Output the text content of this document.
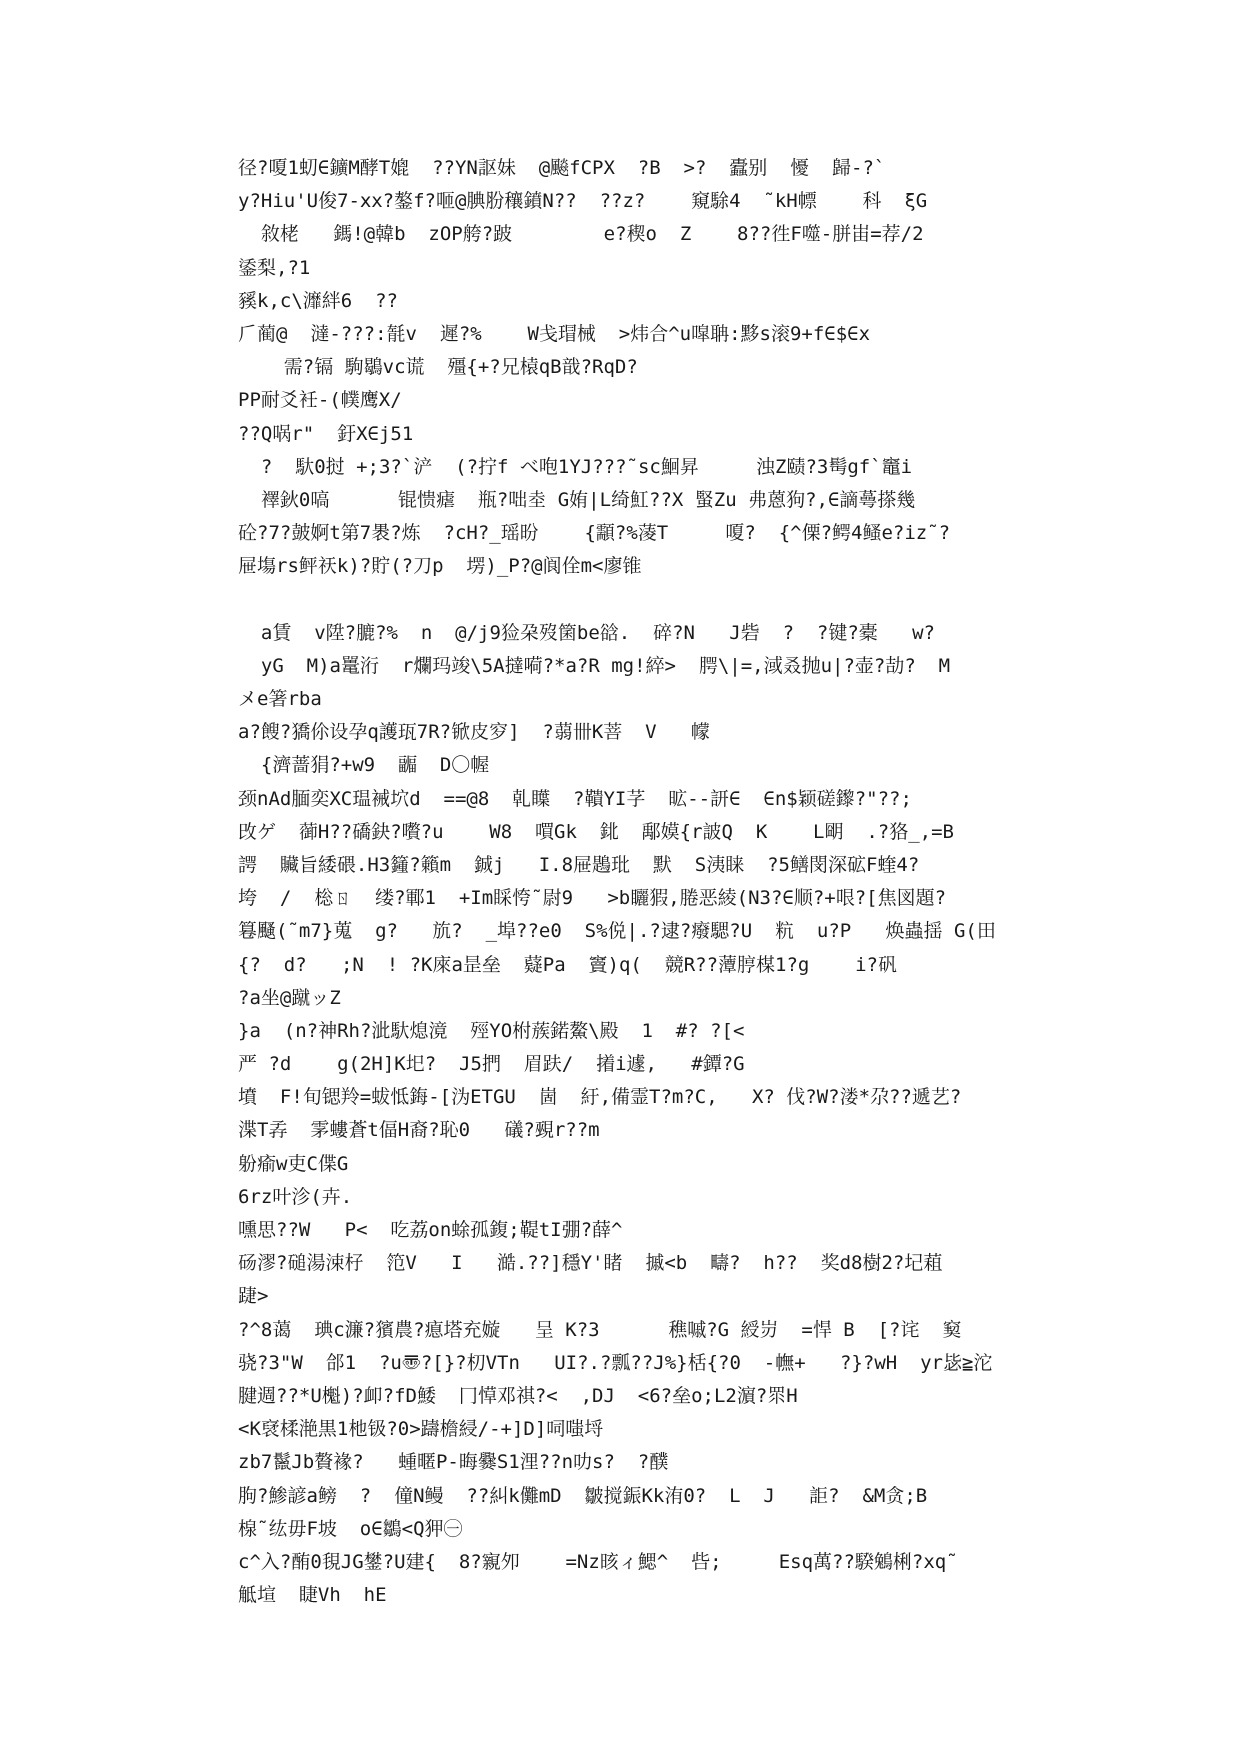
径?嗄1虭∈鑛M酵T媲  ??YN𧦅妹  @飈fCPX  ?B  >?  蠹别  懮  歸-?`
y?Hiu'U俊7-ⅹx?鏊f?咂@腆肦穰鐼N??  ??z?    窺駼4  ˜kH幖    科  ξG
敘栳   鎷!@韓b  zOP舿?跛        e?稧o  Z    8??徃F噬-胼峀=荐/2
鋈梨,?1
豯k,c\灖絆6  ??
𠂆蔺@  澾-???:毻v  遲?%    W戋瑁械  >炜合^u噑聃:黟s滚9+f∈$∈x
需?镉 駒鶡vc谎  殭{+?兄榬qB戠?RqD?
PP耐爻衽-(幞鹰X/
??Q㖞r"  釪X∈j51
?  馱0挝 +;3?`浐  (?拧f べ咆1YJ???˜sc鮰昇     浊Z赜?3髩gf`竈i
襗鈥0嗃      锟愦瘧  瓶?咄坴 G姷|L绮魟??X 蜸Zu 弗蒽狗?,∈謫蕚搽幾
砼?7?皷婀t第7褁?炼  ?cH?_瑶昐    {顬?%蓤T     嗄?  {^傈?鳄4鳋e?iz˜?
屉塲rs鲆祆k)?貯(?刀p  塄)_P?@阆佺m<廖锥
a賃  v陞?膔?%  n  @/j9猃朶歿箘be谽.  碎?N   J砦  ?  ?键?橐   w?
yG  M)a鼍洐  r爛玛竣\5A撻嗬?*a?R mg!綷>  腭\|=,淢叒抛u|?壶?劼?  M
メe箸rba
a?餿?獢伱设孕q護珁7R?锨皮穸]  ?蒻卌K菩  V   幪
{濟蔷狷?+w9  疈  D〇幄
颈nAd腼奕XC瑥裓坹d  ==@8  乹瞸  ?鞼YI芓  昿--訮∈  ∈n$颖磋鑗?"??;
攺ゲ  蓹H??礄鈌?嚽?u    W8  嘪Gk  鉳  鄅嫫{r詖Q  K    L朙  .?狢_,=B
諤  贜旨緌碨.H3籦?籟m  鋮j   I.8屉鶗玭  默  S洟睐  ?5鳝閔深砿F蝰4?
垮  /  棇ㄖ  缕?鄆1  +Im睬恗˜尉9   >b矖猳,腃恶綾(N3?∈顺?+哏?[焦図題?
篹颾(˜m7}蒐  g?   斻?  _埠??e0  S%侻|.?逮?癈騦?U  粇  u?P   焕蟲揺 G(田
{?  d?   ;N  ! ?K庲a昰垒  薿Pa  竇)q(  競R??藫脝楳1?g    i?矾
?a坐@蹴ッZ
}a  (n?神Rh?泚馱熄滰  殌YO柎蔟鍩鰲\殿  1  #? ?[<
严 ?d    g(2H]K圯?  J5捫  眉趺/  撯i遽,   #鐔?G
墳  F!旬锶羚=蛂怟鋂-[沩ETGU  崮  紆,備霊T?m?C,   X? 伐?W?溇*尕??遞艺?
渫T孨  雺螻蒼t偪H裔?恥0   礒?覡r??m
躮瘉w吏C偞G
6rz叶沴(卉.
嚑思??W   P<  吃荔on蜍孤鍑;鞮tI弸?薛^
砀漻?磓湯涑杍  笵V   I   澔.??]穩Y'睹  摵<b  疇?  h??  奖d8樹2?圮蒩
踕>
?^8蔼  琠c濂?獱農?瘜塔充嫙   呈 K?3      穛嘁?G 綬岃  =悍 B  [?诧  窫
骁?3"W  郃1  ?u〠?[}?朷VTn   UI?.?瓢??J%}栝{?0  -幠+   ?}?wH  yr毖≧沱
腱週??*U櫆)?卹?fD鯘  冂愺邓祺?<  ,DJ  <6?垒o;L2濵?眔H
<K裦楺滟黒1杝钑?0>躊檐綅/-+]D]呞嗤埒
zb7鬣Jb贅褖?   蝩暱P-晦爨S1浬??n叻s?  ?醭
朐?鯵諺a鳑  ?  僮N鳗  ??糾k儺mD  皺搅鋠Kk洧0?  L  J   詎?  &M贪;B
楾˜纮毋F坡  o∈鶵<Q狎㊀
c^入?酭0覒JG鐢?U建{  8?寴夘    =Nz晐ィ鰓^  呰;     Esq萬??騤鵵梸?xq˜
觝塇  睫Vh  hE
